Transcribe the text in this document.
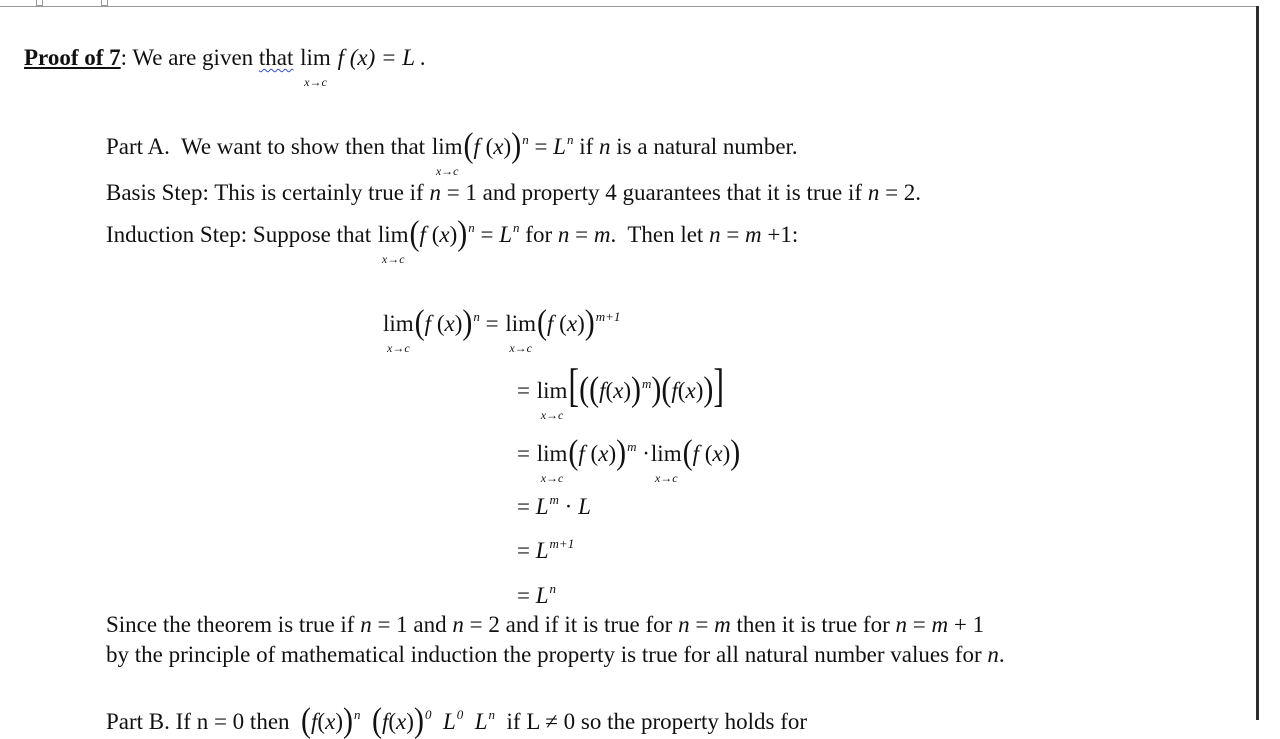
Proof of 7: We are given that lim
x→c
f (x) = L .
Part A. We want to show then that lim
x→c
(f $(x))^n = L^n$ if n is a natural number.
Basis Step: This is certainly true if n = 1 and property 4 guarantees that it is true if n = 2.
Induction Step: Suppose that lim
x→c
(f $(x))^n = L^n$ for n = m.  Then let n = m +1:
lim
x→c
(f (x))$^n$ = lim
x→c
(f (x))$^{m+1}$
= lim
x→c
$[((f(x))^m)(f(x))]$
= lim
x→c
(f (x))$^m$ ·lim
x→c
(f (x))
= $L^m \cdot L$
= $L^{m+1}$
= $L^n$
Since the theorem is true if n = 1 and n = 2 and if it is true for n = m then it is true for n = m + 1
by the principle of mathematical induction the property is true for all natural number values for n.
Part B. If n = 0 then $(f(x))^n$ $(f(x))^0$ $L^0$ $L^n$ if L ≠ 0 so the property holds for
